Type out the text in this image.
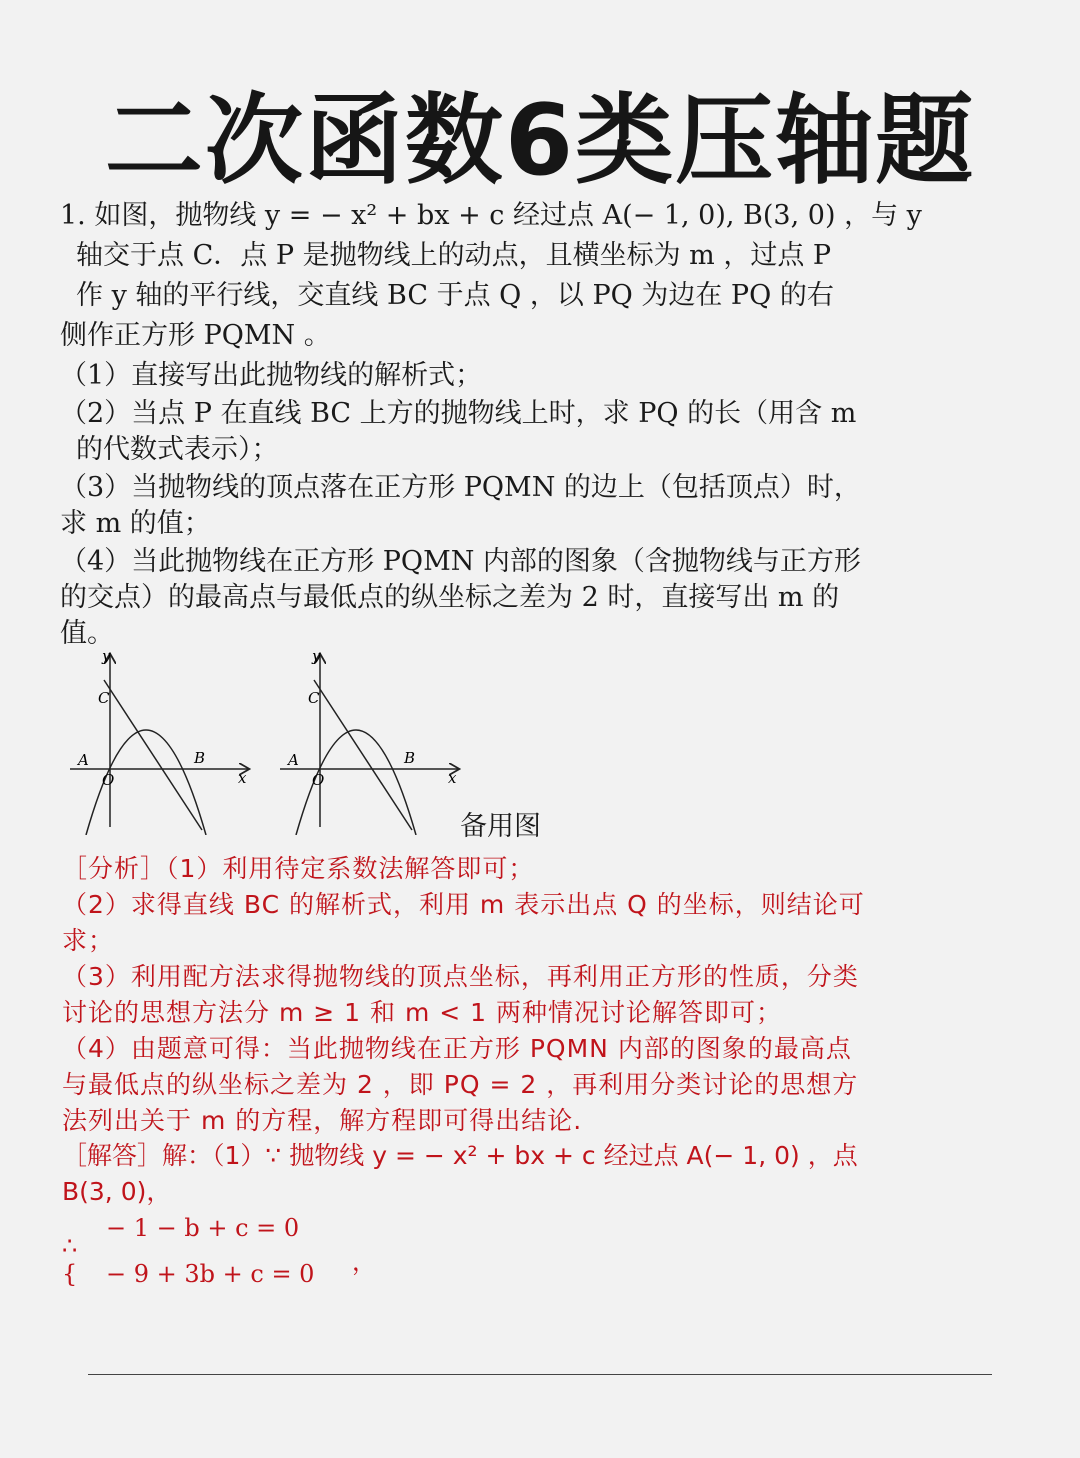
二次函数6类压轴题

1. 如图，抛物线 y = − x² + bx + c 经过点 A(− 1, 0), B(3, 0) ，与 y

轴交于点 C．点 P 是抛物线上的动点，且横坐标为 m ，过点 P

作 y 轴的平行线，交直线 BC 于点 Q ，以 PQ 为边在 PQ 的右

侧作正方形 PQMN 。

（1）直接写出此抛物线的解析式；

（2）当点 P 在直线 BC 上方的抛物线上时，求 PQ 的长（用含 m

的代数式表示）；

（3）当抛物线的顶点落在正方形 PQMN 的边上（包括顶点）时，

求 m 的值；

（4）当此抛物线在正方形 PQMN 内部的图象（含抛物线与正方形

的交点）的最高点与最低点的纵坐标之差为 2 时，直接写出 m 的

值。

y
x
C
A	B
O
y
x
C
A	B
O
备用图

［分析］（1）利用待定系数法解答即可；

（2）求得直线 BC 的解析式，利用 m 表示出点 Q 的坐标，则结论可

求；

（3）利用配方法求得抛物线的顶点坐标，再利用正方形的性质，分类

讨论的思想方法分 m ≥ 1 和 m < 1 两种情况讨论解答即可；

（4）由题意可得：当此抛物线在正方形 PQMN 内部的图象的最高点

与最低点的纵坐标之差为 2 ，即 PQ = 2 ，再利用分类讨论的思想方

法列出关于 m 的方程，解方程即可得出结论.

［解答］解：（1）∵ 抛物线 y = − x² + bx + c 经过点 A(− 1, 0) ，点

B(3, 0)，

∴ {
− 1 − b + c = 0
− 9 + 3b + c = 0 ，
